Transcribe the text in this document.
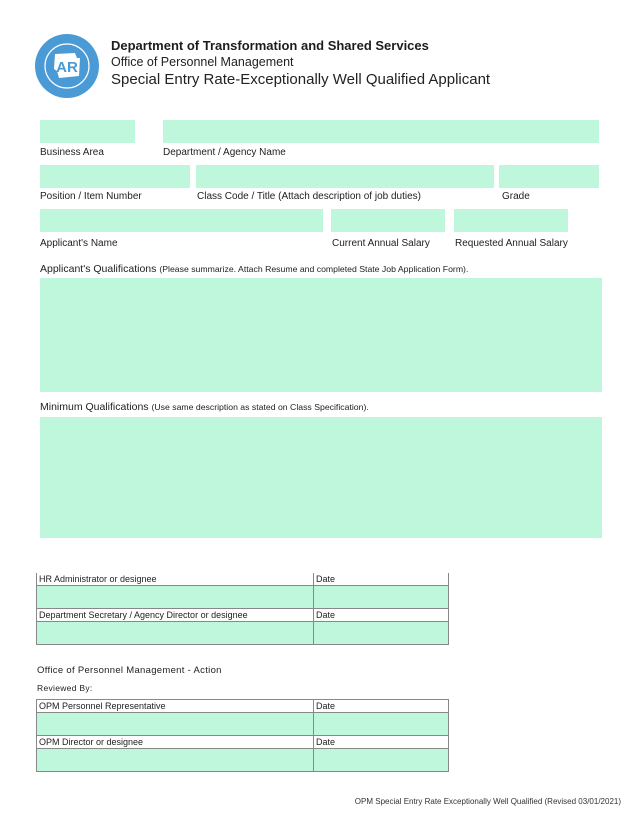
AR
Department of Transformation and Shared Services
Office of Personnel Management
Special Entry Rate-Exceptionally Well Qualified Applicant
Business Area	Department / Agency Name
Position / Item Number	Class Code / Title (Attach description of job duties)	Grade
Applicant's Name	Current Annual Salary	Requested Annual Salary
Applicant's Qualifications (Please summarize. Attach Resume and completed State Job Application Form).
Minimum Qualifications (Use same description as stated on Class Specification).
HR Administrator or designee	Date

Department Secretary / Agency Director or designee	Date

Office of Personnel Management - Action
Reviewed By:
OPM Personnel Representative	Date

OPM Director or designee	Date

OPM Special Entry Rate Exceptionally Well Qualified (Revised 03/01/2021)
